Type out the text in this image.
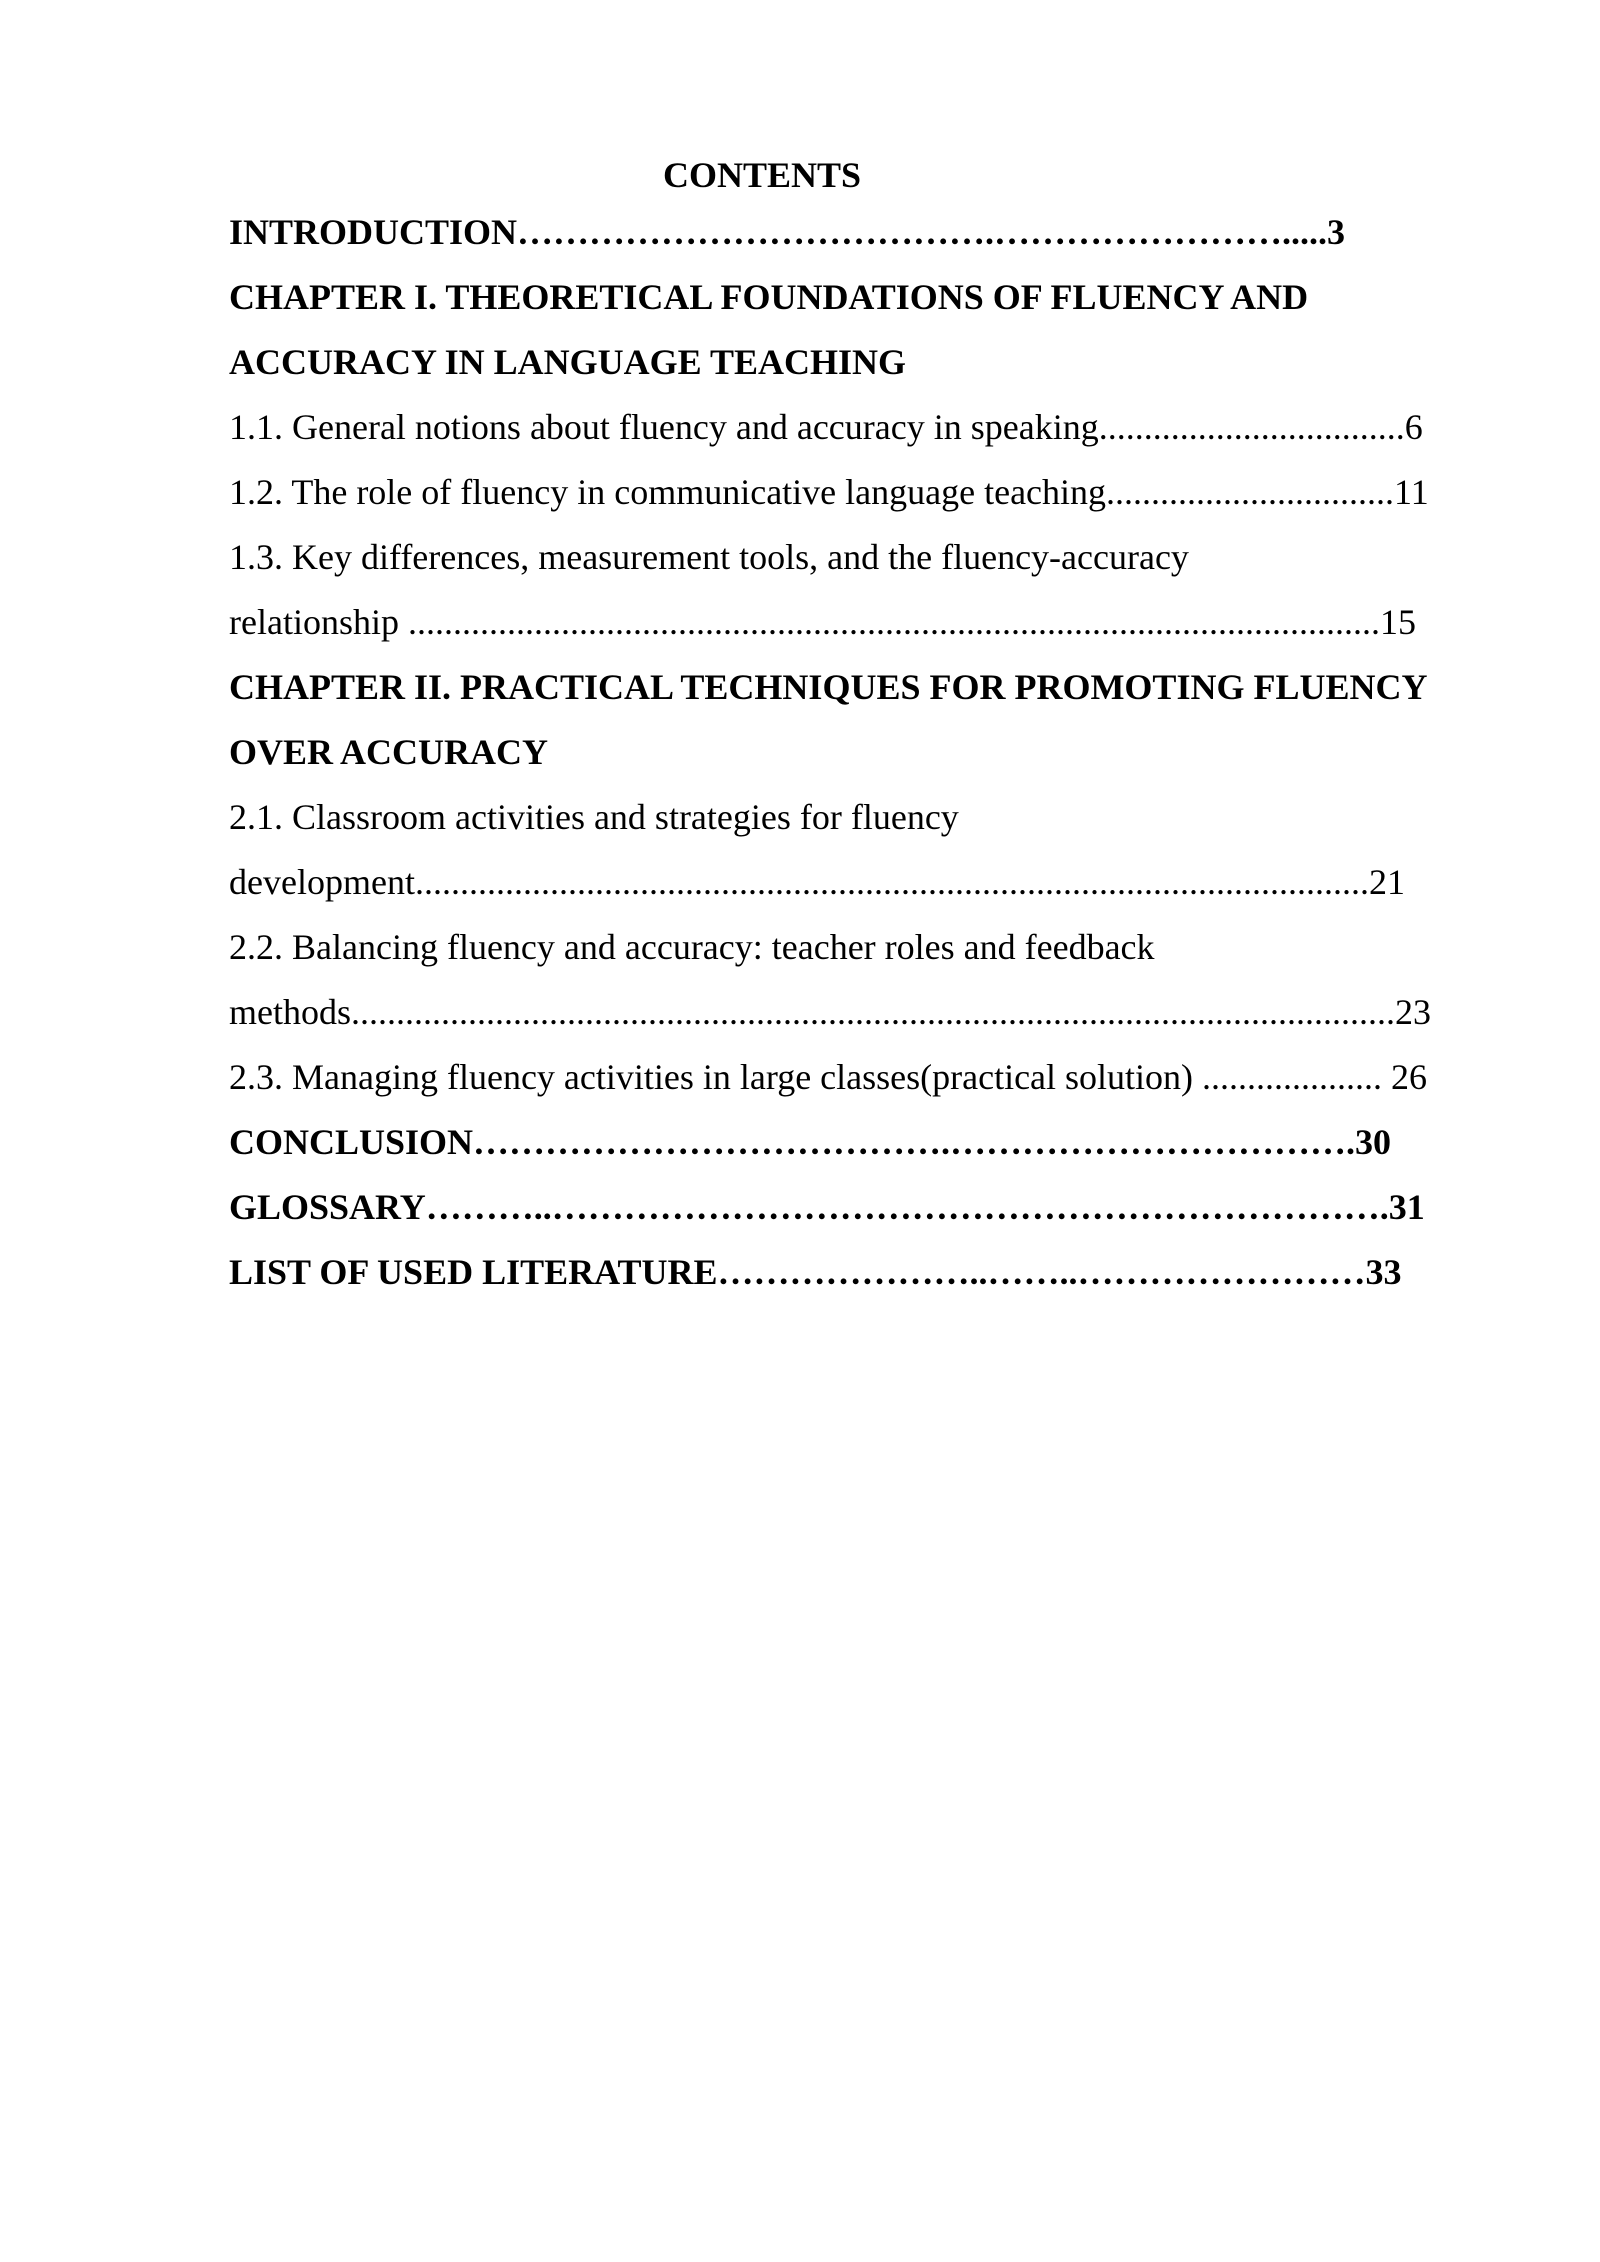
CONTENTS
INTRODUCTION………………………………….…………………….....3
CHAPTER I. THEORETICAL FOUNDATIONS OF FLUENCY AND
ACCURACY IN LANGUAGE TEACHING
1.1. General notions about fluency and accuracy in speaking..................................6
1.2. The role of fluency in communicative language teaching................................11
1.3. Key differences, measurement tools, and the fluency-accuracy
relationship ............................................................................................................15
CHAPTER II. PRACTICAL TECHNIQUES FOR PROMOTING FLUENCY
OVER ACCURACY
2.1. Classroom activities and strategies for fluency
development..........................................................................................................21
2.2. Balancing fluency and accuracy: teacher roles and feedback
methods....................................................................................................................23
2.3. Managing fluency activities in large classes(practical solution) .................... 26
CONCLUSION………………………………….…………………………….30
GLOSSARY………..…………………………………………………………….31
LIST OF USED LITERATURE…………………..……..……………………33
